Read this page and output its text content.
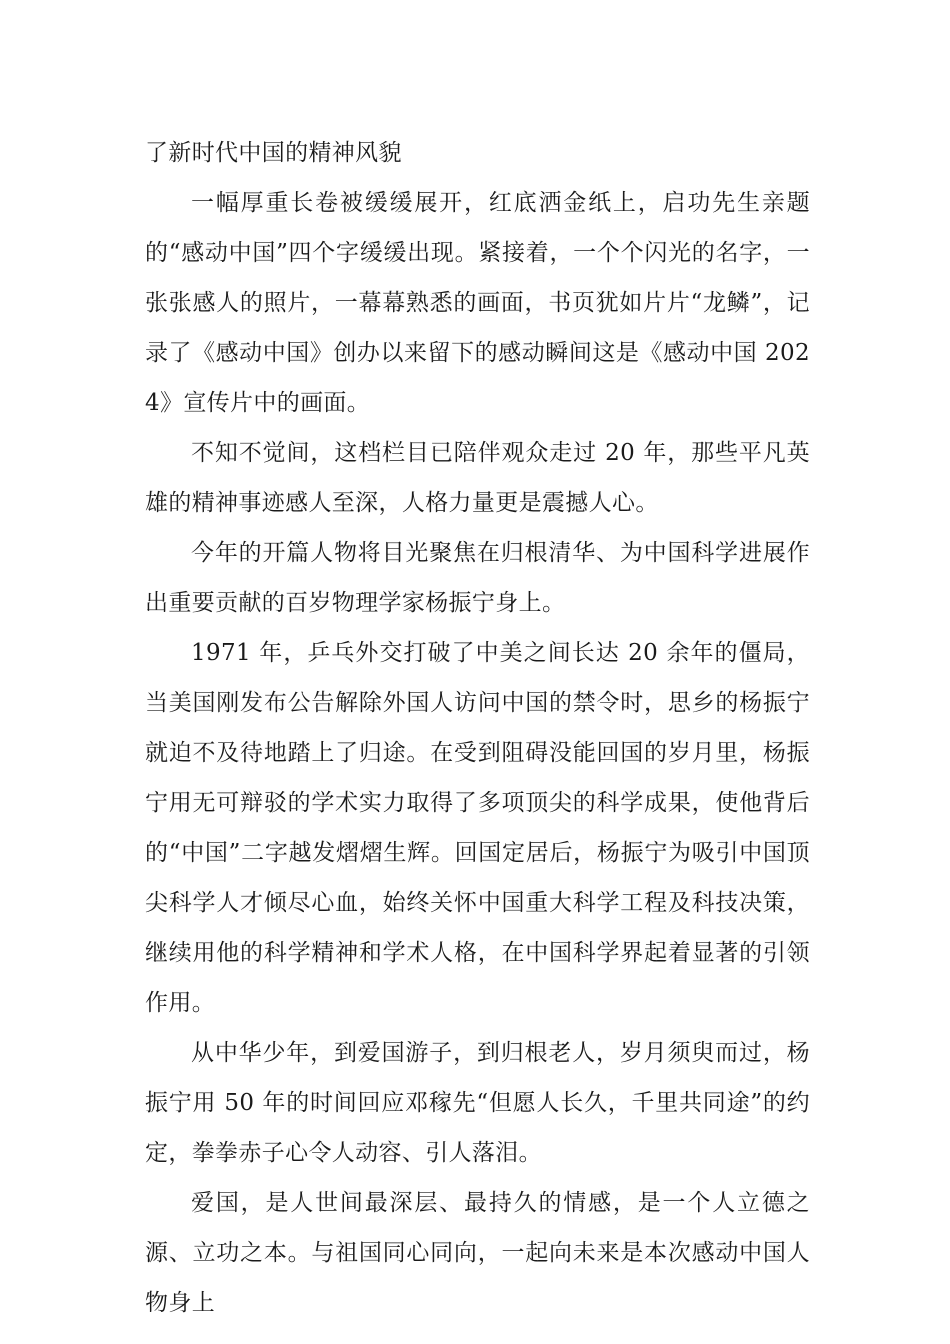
了新时代中国的精神风貌

一幅厚重长卷被缓缓展开，红底洒金纸上，启功先生亲题的“感动中国”四个字缓缓出现。紧接着，一个个闪光的名字，一张张感人的照片，一幕幕熟悉的画面，书页犹如片片“龙鳞”，记录了《感动中国》创办以来留下的感动瞬间这是《感动中国 2024》宣传片中的画面。

不知不觉间，这档栏目已陪伴观众走过 20 年，那些平凡英雄的精神事迹感人至深，人格力量更是震撼人心。

今年的开篇人物将目光聚焦在归根清华、为中国科学进展作出重要贡献的百岁物理学家杨振宁身上。

1971 年，乒乓外交打破了中美之间长达 20 余年的僵局，当美国刚发布公告解除外国人访问中国的禁令时，思乡的杨振宁就迫不及待地踏上了归途。在受到阻碍没能回国的岁月里，杨振宁用无可辩驳的学术实力取得了多项顶尖的科学成果，使他背后的“中国”二字越发熠熠生辉。回国定居后，杨振宁为吸引中国顶尖科学人才倾尽心血，始终关怀中国重大科学工程及科技决策，继续用他的科学精神和学术人格，在中国科学界起着显著的引领作用。

从中华少年，到爱国游子，到归根老人，岁月须臾而过，杨振宁用 50 年的时间回应邓稼先“但愿人长久，千里共同途”的约定，拳拳赤子心令人动容、引人落泪。

爱国，是人世间最深层、最持久的情感，是一个人立德之源、立功之本。与祖国同心同向，一起向未来是本次感动中国人物身上
